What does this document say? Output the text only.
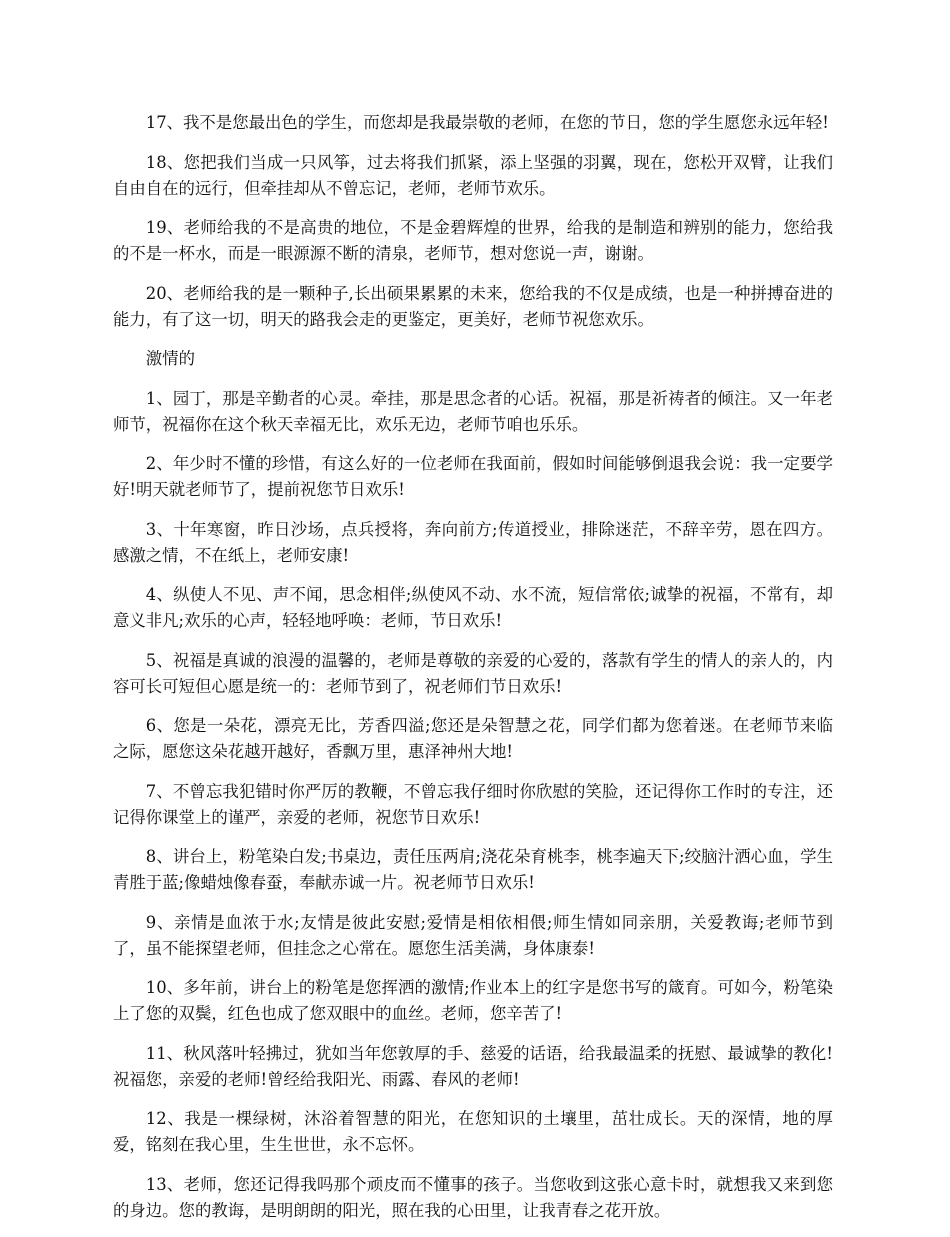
17、我不是您最出色的学生，而您却是我最崇敬的老师，在您的节日，您的学生愿您永远年轻!

18、您把我们当成一只风筝，过去将我们抓紧，添上坚强的羽翼，现在，您松开双臂，让我们自由自在的远行，但牵挂却从不曾忘记，老师，老师节欢乐。

19、老师给我的不是高贵的地位，不是金碧辉煌的世界，给我的是制造和辨别的能力，您给我的不是一杯水，而是一眼源源不断的清泉，老师节，想对您说一声，谢谢。

20、老师给我的是一颗种子,长出硕果累累的未来，您给我的不仅是成绩，也是一种拼搏奋进的能力，有了这一切，明天的路我会走的更鉴定，更美好，老师节祝您欢乐。

激情的

1、园丁，那是辛勤者的心灵。牵挂，那是思念者的心话。祝福，那是祈祷者的倾注。又一年老师节，祝福你在这个秋天幸福无比，欢乐无边，老师节咱也乐乐。

2、年少时不懂的珍惜，有这么好的一位老师在我面前，假如时间能够倒退我会说：我一定要学好!明天就老师节了，提前祝您节日欢乐!

3、十年寒窗，昨日沙场，点兵授将，奔向前方;传道授业，排除迷茫，不辞辛劳，恩在四方。感激之情，不在纸上，老师安康!

4、纵使人不见、声不闻，思念相伴;纵使风不动、水不流，短信常依;诚挚的祝福，不常有，却意义非凡;欢乐的心声，轻轻地呼唤：老师，节日欢乐!

5、祝福是真诚的浪漫的温馨的，老师是尊敬的亲爱的心爱的，落款有学生的情人的亲人的，内容可长可短但心愿是统一的：老师节到了，祝老师们节日欢乐!

6、您是一朵花，漂亮无比，芳香四溢;您还是朵智慧之花，同学们都为您着迷。在老师节来临之际，愿您这朵花越开越好，香飘万里，惠泽神州大地!

7、不曾忘我犯错时你严厉的教鞭，不曾忘我仔细时你欣慰的笑脸，还记得你工作时的专注，还记得你课堂上的谨严，亲爱的老师，祝您节日欢乐!

8、讲台上，粉笔染白发;书桌边，责任压两肩;浇花朵育桃李，桃李遍天下;绞脑汁洒心血，学生青胜于蓝;像蜡烛像春蚕，奉献赤诚一片。祝老师节日欢乐!

9、亲情是血浓于水;友情是彼此安慰;爱情是相依相偎;师生情如同亲朋，关爱教诲;老师节到了，虽不能探望老师，但挂念之心常在。愿您生活美满，身体康泰!

10、多年前，讲台上的粉笔是您挥洒的激情;作业本上的红字是您书写的箴育。可如今，粉笔染上了您的双鬓，红色也成了您双眼中的血丝。老师，您辛苦了!

11、秋风落叶轻拂过，犹如当年您敦厚的手、慈爱的话语，给我最温柔的抚慰、最诚挚的教化!祝福您，亲爱的老师!曾经给我阳光、雨露、春风的老师!

12、我是一棵绿树，沐浴着智慧的阳光，在您知识的土壤里，茁壮成长。天的深情，地的厚爱，铭刻在我心里，生生世世，永不忘怀。

13、老师，您还记得我吗那个顽皮而不懂事的孩子。当您收到这张心意卡时，就想我又来到您的身边。您的教诲，是明朗朗的阳光，照在我的心田里，让我青春之花开放。
